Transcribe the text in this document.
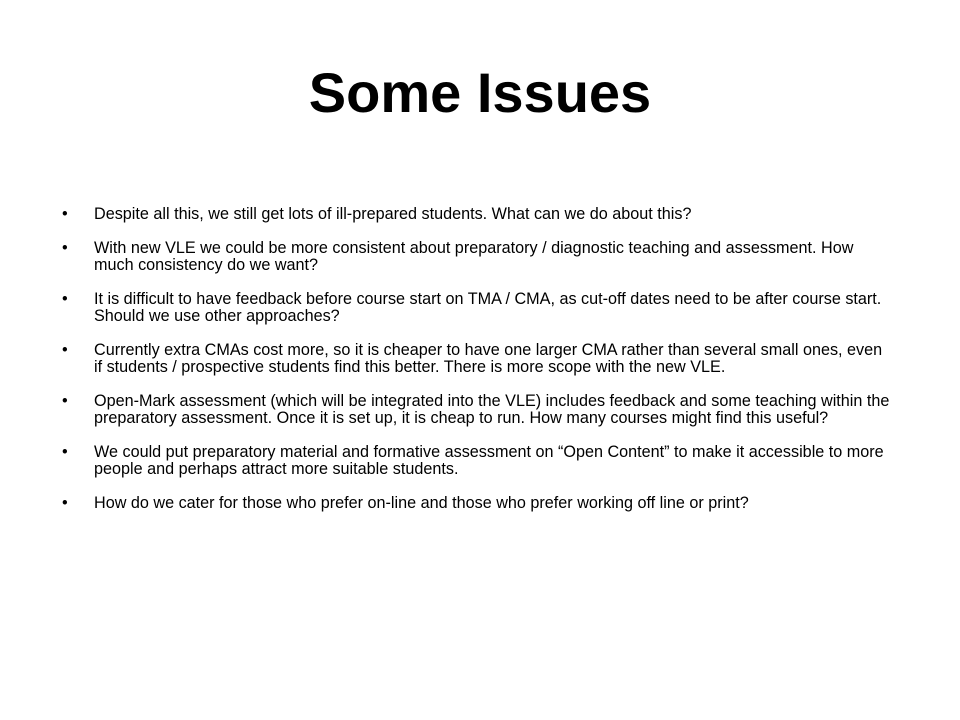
Some Issues
• Despite all this, we still get lots of ill-prepared students. What can we do about this?
• With new VLE we could be more consistent about preparatory / diagnostic teaching and assessment. How much consistency do we want?
• It is difficult to have feedback before course start on TMA / CMA, as cut-off dates need to be after course start. Should we use other approaches?
• Currently extra CMAs cost more, so it is cheaper to have one larger CMA rather than several small ones, even if students / prospective students find this better. There is more scope with the new VLE.
• Open-Mark assessment (which will be integrated into the VLE) includes feedback and some teaching within the preparatory assessment. Once it is set up, it is cheap to run. How many courses might find this useful?
• We could put preparatory material and formative assessment on “Open Content” to make it accessible to more people and perhaps attract more suitable students.
• How do we cater for those who prefer on-line and those who prefer working off line or print?
